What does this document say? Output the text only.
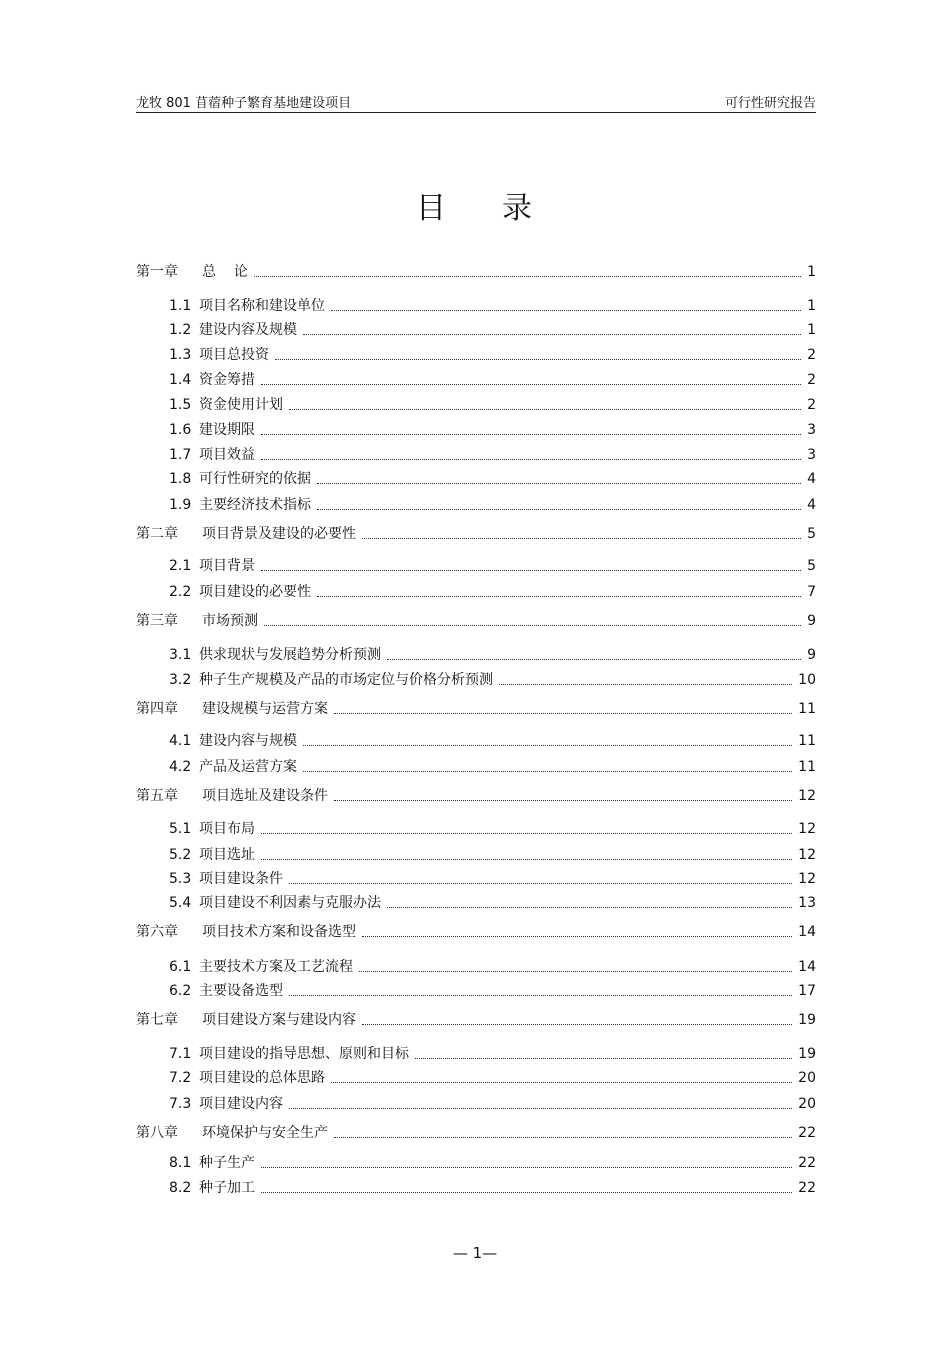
龙牧 801 苜蓿种子繁育基地建设项目	可行性研究报告
目 录
第一章 总    论	1
1.1 项目名称和建设单位	1
1.2 建设内容及规模	1
1.3 项目总投资	2
1.4 资金筹措	2
1.5 资金使用计划	2
1.6 建设期限	3
1.7 项目效益	3
1.8 可行性研究的依据	4
1.9 主要经济技术指标	4
第二章 项目背景及建设的必要性	5
2.1 项目背景	5
2.2 项目建设的必要性	7
第三章 市场预测	9
3.1 供求现状与发展趋势分析预测	9
3.2 种子生产规模及产品的市场定位与价格分析预测	10
第四章 建设规模与运营方案	11
4.1 建设内容与规模	11
4.2 产品及运营方案	11
第五章 项目选址及建设条件	12
5.1 项目布局	12
5.2 项目选址	12
5.3 项目建设条件	12
5.4 项目建设不利因素与克服办法	13
第六章 项目技术方案和设备选型	14
6.1 主要技术方案及工艺流程	14
6.2 主要设备选型	17
第七章 项目建设方案与建设内容	19
7.1 项目建设的指导思想、原则和目标	19
7.2 项目建设的总体思路	20
7.3 项目建设内容	20
第八章 环境保护与安全生产	22
8.1 种子生产	22
8.2 种子加工	22
— 1—
